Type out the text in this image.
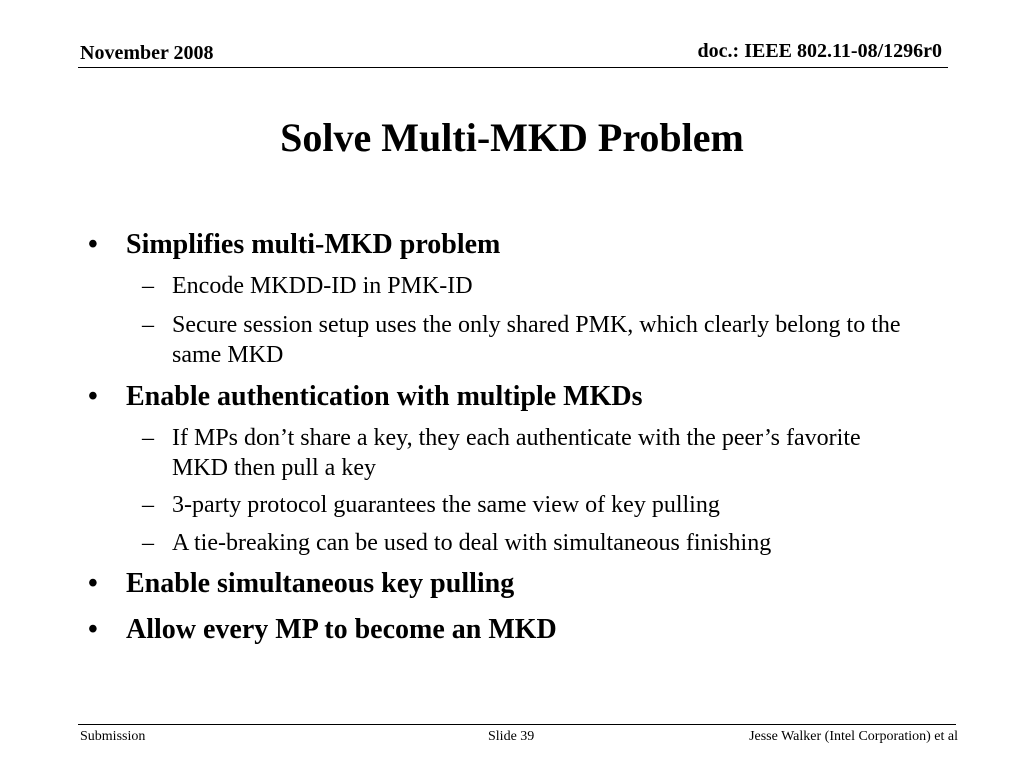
November 2008	doc.: IEEE 802.11-08/1296r0
Solve Multi-MKD Problem
•	Simplifies multi-MKD problem
– Encode MKDD-ID in PMK-ID
– Secure session setup uses the only shared PMK, which clearly belong to the same MKD
•	Enable authentication with multiple MKDs
– If MPs don’t share a key, they each authenticate with the peer’s favorite MKD then pull a key
– 3-party protocol guarantees the same view of key pulling
– A tie-breaking can be used to deal with simultaneous finishing
•	Enable simultaneous key pulling
•	Allow every MP to become an MKD
Submission	Slide 39	Jesse Walker (Intel Corporation) et al
